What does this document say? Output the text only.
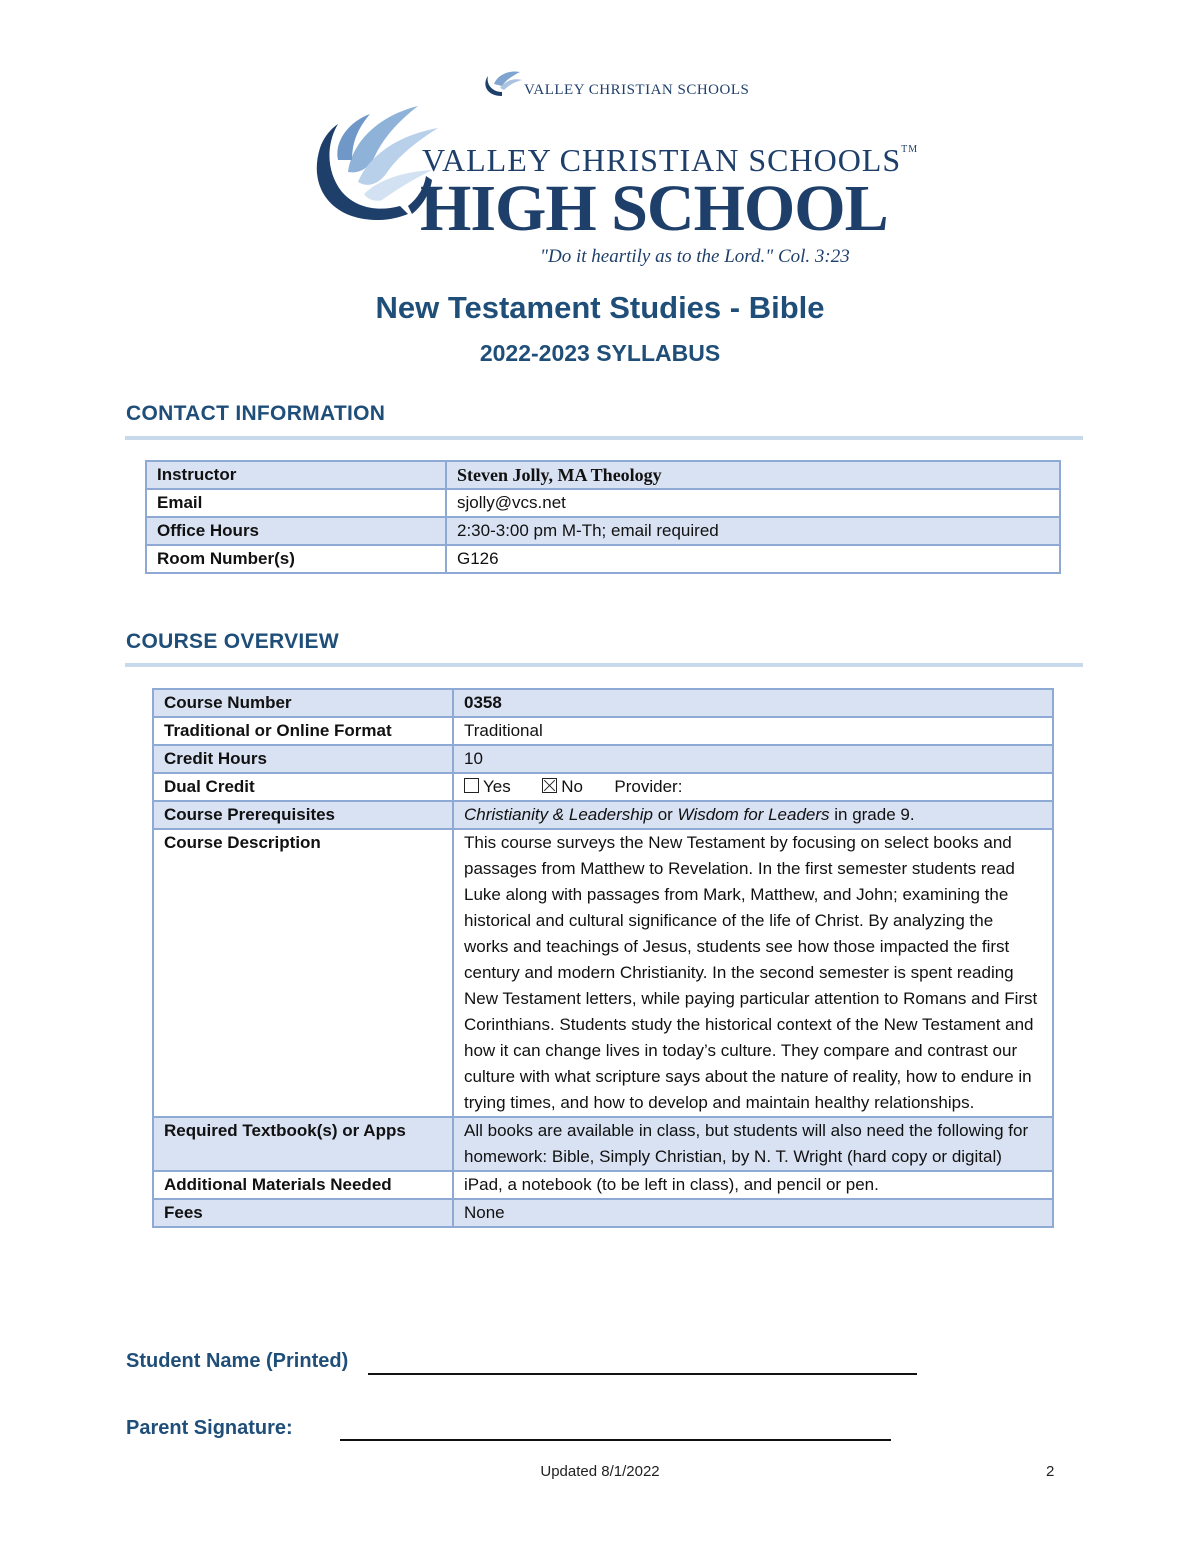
VALLEY CHRISTIAN SCHOOLS
VALLEY CHRISTIAN SCHOOLS™
HIGH SCHOOL
"Do it heartily as to the Lord." Col. 3:23
New Testament Studies - Bible
2022-2023 SYLLABUS
CONTACT INFORMATION
Instructor	Steven Jolly, MA Theology
Email	sjolly@vcs.net
Office Hours	2:30-3:00 pm M-Th; email required
Room Number(s)	G126
COURSE OVERVIEW
Course Number	0358
Traditional or Online Format	Traditional
Credit Hours	10
Dual Credit	Yes No Provider:
Course Prerequisites	Christianity & Leadership or Wisdom for Leaders in grade 9.
Course Description	This course surveys the New Testament by focusing on select books and passages from Matthew to Revelation. In the first semester students read Luke along with passages from Mark, Matthew, and John; examining the historical and cultural significance of the life of Christ. By analyzing the works and teachings of Jesus, students see how those impacted the first century and modern Christianity. In the second semester is spent reading New Testament letters, while paying particular attention to Romans and First Corinthians. Students study the historical context of the New Testament and how it can change lives in today’s culture. They compare and contrast our culture with what scripture says about the nature of reality, how to endure in trying times, and how to develop and maintain healthy relationships.
Required Textbook(s) or Apps	All books are available in class, but students will also need the following for homework: Bible, Simply Christian, by N. T. Wright (hard copy or digital)
Additional Materials Needed	iPad, a notebook (to be left in class), and pencil or pen.
Fees	None
Student Name (Printed)
Parent Signature:
Updated 8/1/2022	2
